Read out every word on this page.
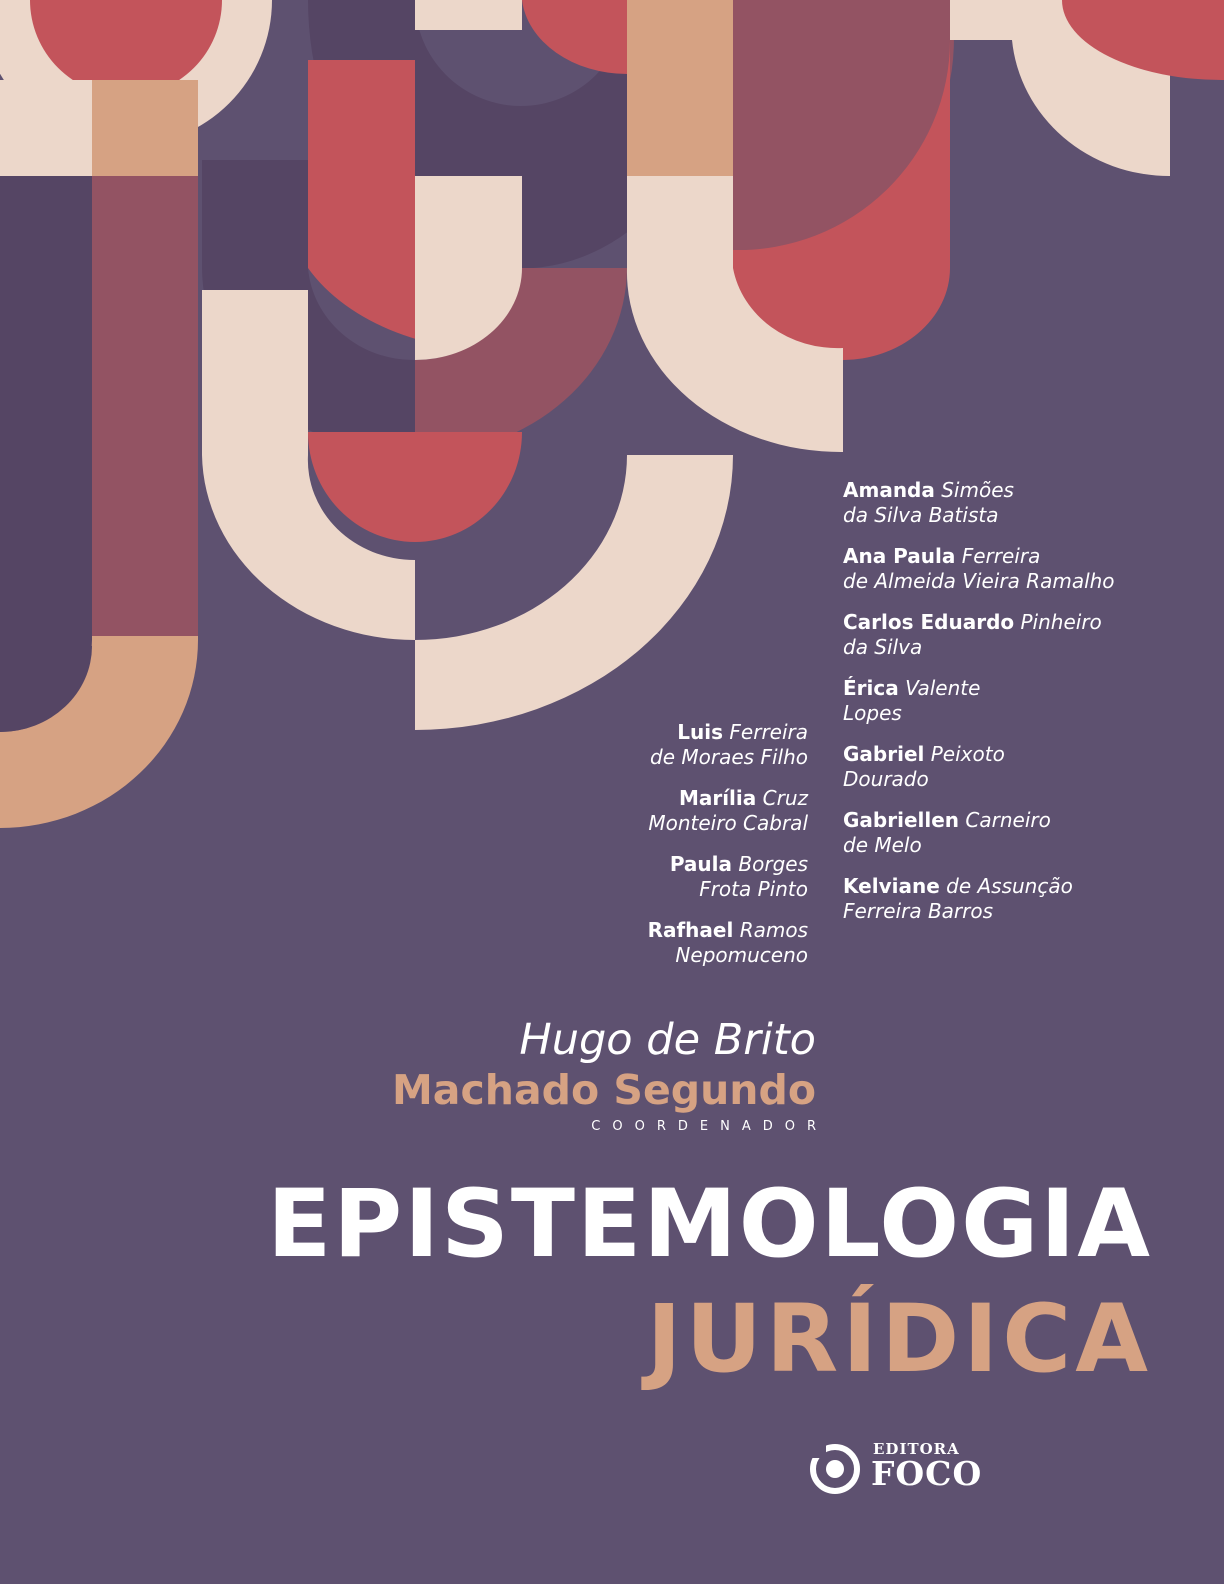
Amanda Simões
da Silva Batista
Ana Paula Ferreira
de Almeida Vieira Ramalho
Carlos Eduardo Pinheiro
da Silva
Érica Valente
Lopes
Gabriel Peixoto
Dourado
Gabriellen Carneiro
de Melo
Kelviane de Assunção
Ferreira Barros
Luis Ferreira
de Moraes Filho
Marília Cruz
Monteiro Cabral
Paula Borges
Frota Pinto
Rafhael Ramos
Nepomuceno
Hugo de Brito
Machado Segundo
COORDENADOR
EPISTEMOLOGIA
JURÍDICA
EDITORA
FOCO
